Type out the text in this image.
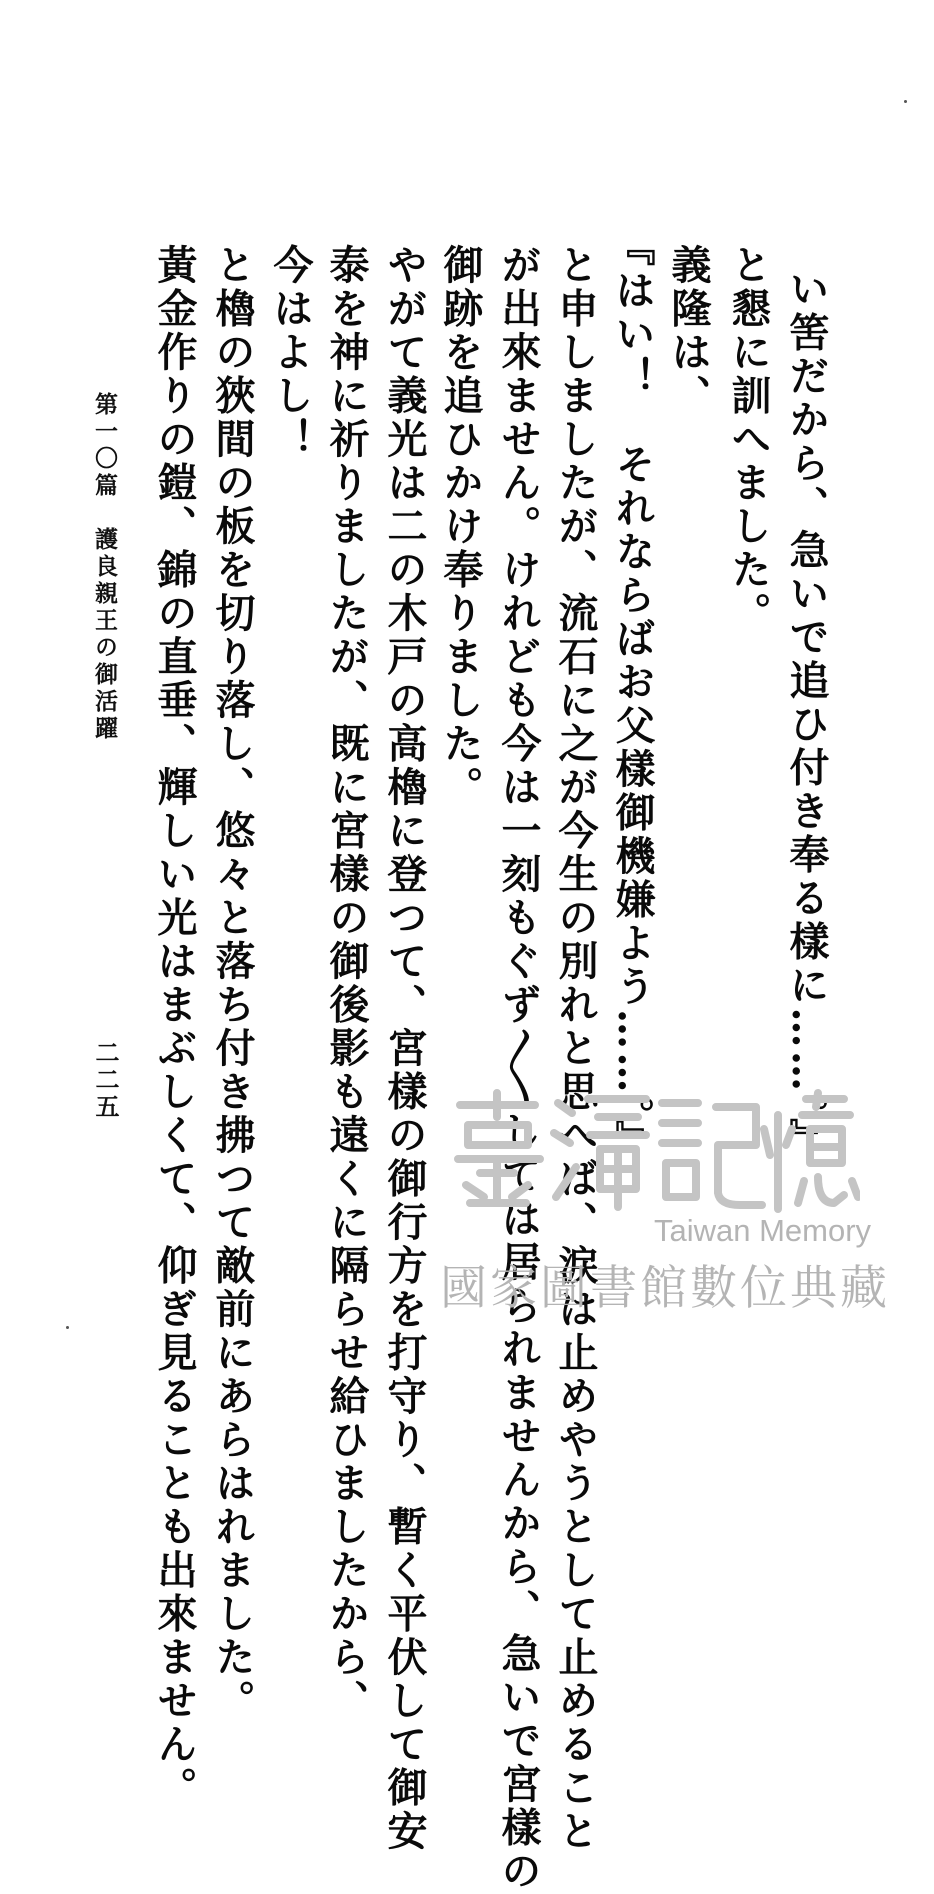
い筈だから、急いで追ひ付き奉る樣に……。』
と懇に訓へました。
義隆は、
『はい！　それならばお父樣御機嫌よう……。』
と申しましたが、流石に之が今生の別れと思へば、涙は止めやうとして止めること
が出來ません。けれども今は一刻もぐず〳〵しては居られませんから、急いで宮樣の
御跡を追ひかけ奉りました。
やがて義光は二の木戸の高櫓に登つて、宮樣の御行方を打守り、暫く平伏して御安
泰を神に祈りましたが、既に宮樣の御後影も遠くに隔らせ給ひましたから、
今はよし！
と櫓の狹間の板を切り落し、悠々と落ち付き拂つて敵前にあらはれました。
黃金作りの鎧、錦の直垂、輝しい光はまぶしくて、仰ぎ見ることも出來ません。
第一〇篇　護良親王の御活躍
二二五
Taiwan Memory
國家圖書館數位典藏
